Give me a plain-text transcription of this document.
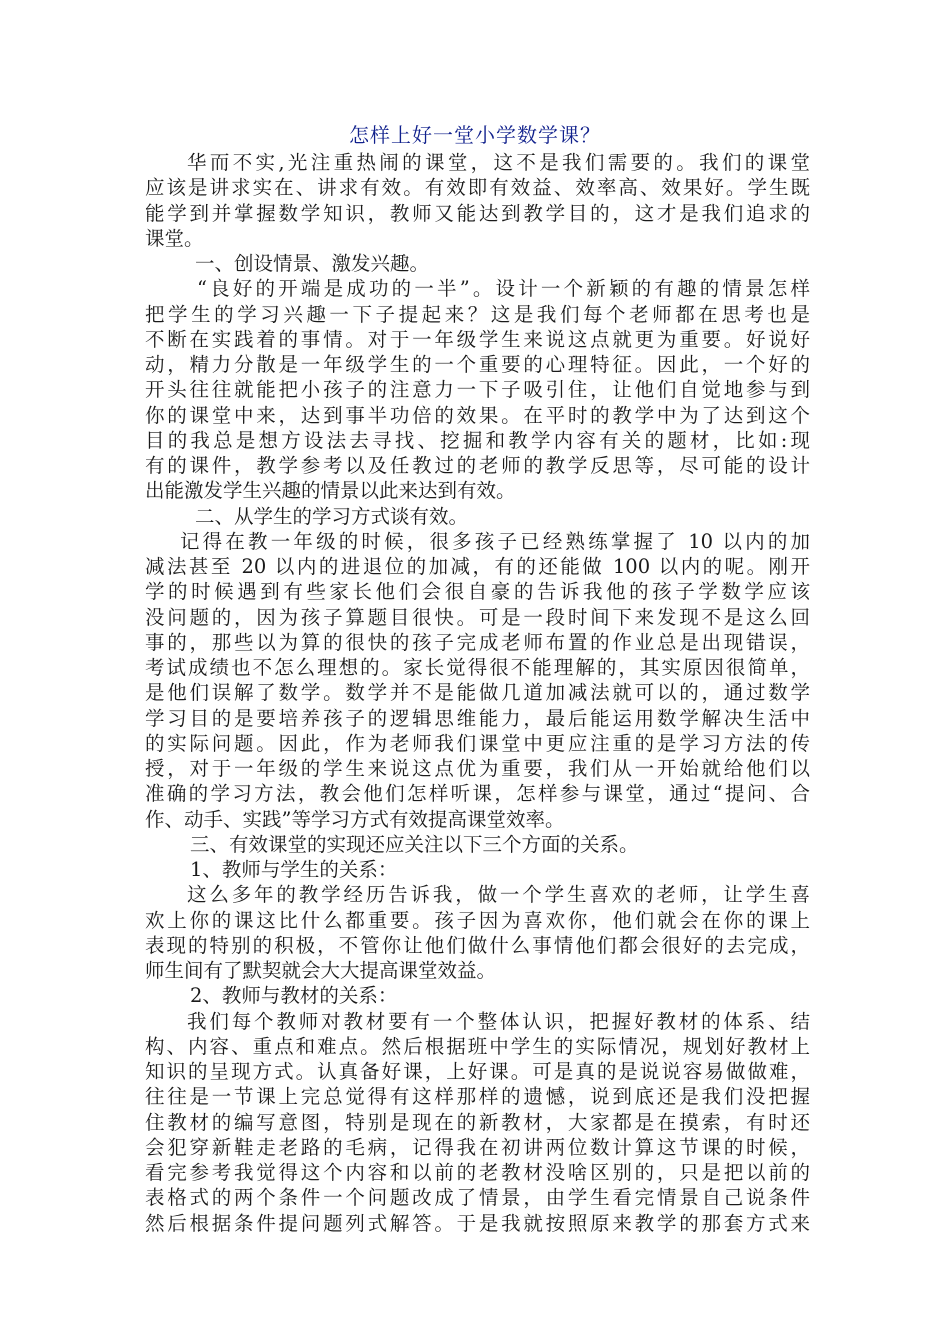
怎样上好一堂小学数学课？
华而不实,光注重热闹的课堂，这不是我们需要的。我们的课堂
应该是讲求实在、讲求有效。有效即有效益、效率高、效果好。学生既
能学到并掌握数学知识，教师又能达到教学目的，这才是我们追求的
课堂。
一、创设情景、激发兴趣。
“良好的开端是成功的一半”。设计一个新颖的有趣的情景怎样
把学生的学习兴趣一下子提起来？这是我们每个老师都在思考也是
不断在实践着的事情。对于一年级学生来说这点就更为重要。好说好
动，精力分散是一年级学生的一个重要的心理特征。因此，一个好的
开头往往就能把小孩子的注意力一下子吸引住，让他们自觉地参与到
你的课堂中来，达到事半功倍的效果。在平时的教学中为了达到这个
目的我总是想方设法去寻找、挖掘和教学内容有关的题材，比如:现
有的课件，教学参考以及任教过的老师的教学反思等，尽可能的设计
出能激发学生兴趣的情景以此来达到有效。
二、从学生的学习方式谈有效。
记得在教一年级的时候，很多孩子已经熟练掌握了 10 以内的加
减法甚至 20 以内的进退位的加减，有的还能做 100 以内的呢。刚开
学的时候遇到有些家长他们会很自豪的告诉我他的孩子学数学应该
没问题的，因为孩子算题目很快。可是一段时间下来发现不是这么回
事的，那些以为算的很快的孩子完成老师布置的作业总是出现错误，
考试成绩也不怎么理想的。家长觉得很不能理解的，其实原因很简单，
是他们误解了数学。数学并不是能做几道加减法就可以的，通过数学
学习目的是要培养孩子的逻辑思维能力，最后能运用数学解决生活中
的实际问题。因此，作为老师我们课堂中更应注重的是学习方法的传
授，对于一年级的学生来说这点优为重要，我们从一开始就给他们以
准确的学习方法，教会他们怎样听课，怎样参与课堂，通过“提问、合
作、动手、实践”等学习方式有效提高课堂效率。
三、有效课堂的实现还应关注以下三个方面的关系。
1、教师与学生的关系：
这么多年的教学经历告诉我，做一个学生喜欢的老师，让学生喜
欢上你的课这比什么都重要。孩子因为喜欢你，他们就会在你的课上
表现的特别的积极，不管你让他们做什么事情他们都会很好的去完成，
师生间有了默契就会大大提高课堂效益。
2、教师与教材的关系：
我们每个教师对教材要有一个整体认识，把握好教材的体系、结
构、内容、重点和难点。然后根据班中学生的实际情况，规划好教材上
知识的呈现方式。认真备好课，上好课。可是真的是说说容易做做难，
往往是一节课上完总觉得有这样那样的遗憾，说到底还是我们没把握
住教材的编写意图，特别是现在的新教材，大家都是在摸索，有时还
会犯穿新鞋走老路的毛病，记得我在初讲两位数计算这节课的时候，
看完参考我觉得这个内容和以前的老教材没啥区别的，只是把以前的
表格式的两个条件一个问题改成了情景，由学生看完情景自己说条件
然后根据条件提问题列式解答。于是我就按照原来教学的那套方式来
